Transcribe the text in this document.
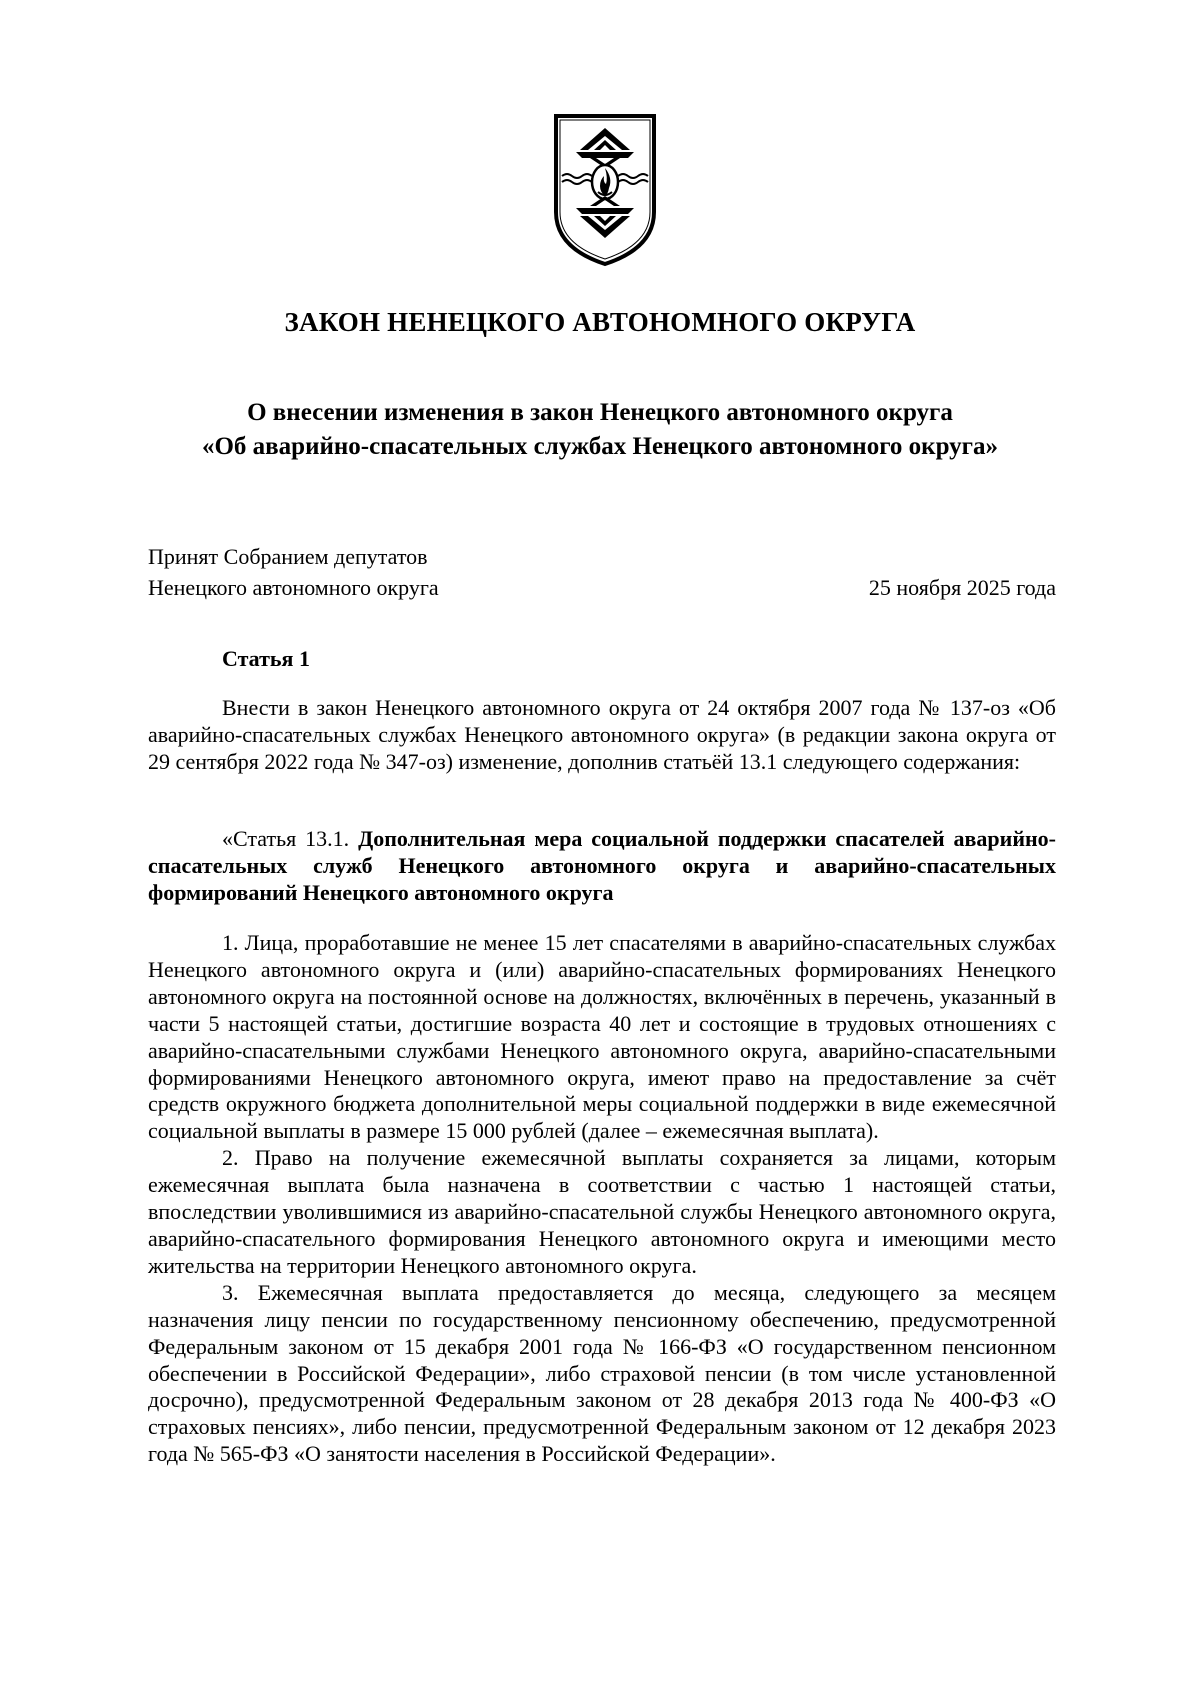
ЗАКОН НЕНЕЦКОГО АВТОНОМНОГО ОКРУГА
О внесении изменения в закон Ненецкого автономного округа
«Об аварийно-спасательных службах Ненецкого автономного округа»
Принят Собранием депутатов
Ненецкого автономного округа	25 ноября 2025 года
Статья 1

Внести в закон Ненецкого автономного округа от 24 октября 2007 года № 137-оз «Об аварийно-спасательных службах Ненецкого автономного округа» (в редакции закона округа от 29 сентября 2022 года № 347-оз) изменение, дополнив статьёй 13.1 следующего содержания:

«Статья 13.1. Дополнительная мера социальной поддержки спасателей аварийно-спасательных служб Ненецкого автономного округа и аварийно-спасательных формирований Ненецкого автономного округа

1. Лица, проработавшие не менее 15 лет спасателями в аварийно-спасательных службах Ненецкого автономного округа и (или) аварийно-спасательных формированиях Ненецкого автономного округа на постоянной основе на должностях, включённых в перечень, указанный в части 5 настоящей статьи, достигшие возраста 40 лет и состоящие в трудовых отношениях с аварийно-спасательными службами Ненецкого автономного округа, аварийно-спасательными формированиями Ненецкого автономного округа, имеют право на предоставление за счёт средств окружного бюджета дополнительной меры социальной поддержки в виде ежемесячной социальной выплаты в размере 15 000 рублей (далее – ежемесячная выплата).

2. Право на получение ежемесячной выплаты сохраняется за лицами, которым ежемесячная выплата была назначена в соответствии с частью 1 настоящей статьи, впоследствии уволившимися из аварийно-спасательной службы Ненецкого автономного округа, аварийно-спасательного формирования Ненецкого автономного округа и имеющими место жительства на территории Ненецкого автономного округа.

3. Ежемесячная выплата предоставляется до месяца, следующего за месяцем назначения лицу пенсии по государственному пенсионному обеспечению, предусмотренной Федеральным законом от 15 декабря 2001 года № 166-ФЗ «О государственном пенсионном обеспечении в Российской Федерации», либо страховой пенсии (в том числе установленной досрочно), предусмотренной Федеральным законом от 28 декабря 2013 года № 400-ФЗ «О страховых пенсиях», либо пенсии, предусмотренной Федеральным законом от 12 декабря 2023 года № 565-ФЗ «О занятости населения в Российской Федерации».
